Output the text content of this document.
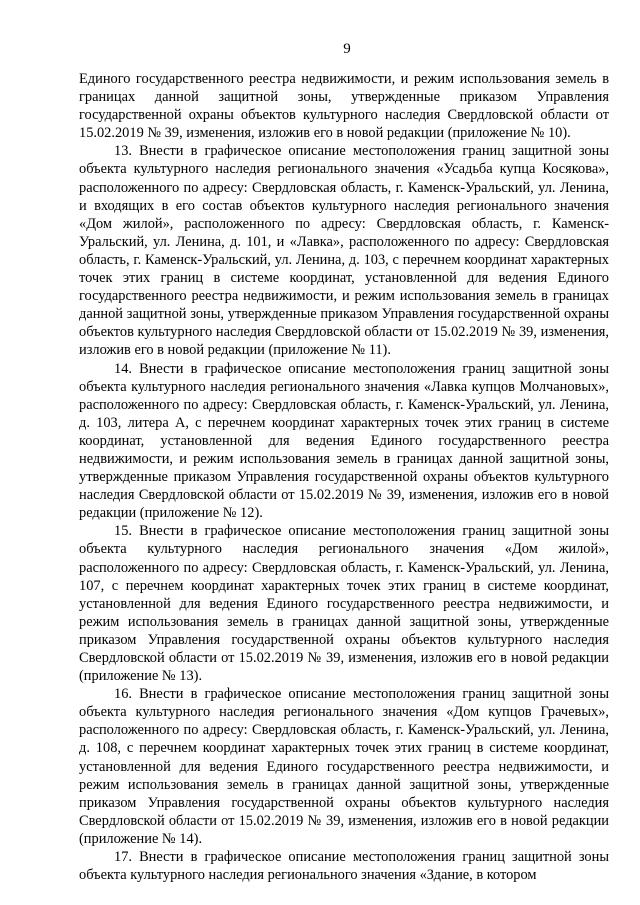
9

Единого государственного реестра недвижимости, и режим использования земель в границах данной защитной зоны, утвержденные приказом Управления государственной охраны объектов культурного наследия Свердловской области от 15.02.2019 № 39, изменения, изложив его в новой редакции (приложение № 10).

13. Внести в графическое описание местоположения границ защитной зоны объекта культурного наследия регионального значения «Усадьба купца Косякова», расположенного по адресу: Свердловская область, г. Каменск-Уральский, ул. Ленина, и входящих в его состав объектов культурного наследия регионального значения «Дом жилой», расположенного по адресу: Свердловская область, г. Каменск-Уральский, ул. Ленина, д. 101, и «Лавка», расположенного по адресу: Свердловская область, г. Каменск-Уральский, ул. Ленина, д. 103, с перечнем координат характерных точек этих границ в системе координат, установленной для ведения Единого государственного реестра недвижимости, и режим использования земель в границах данной защитной зоны, утвержденные приказом Управления государственной охраны объектов культурного наследия Свердловской области от 15.02.2019 № 39, изменения, изложив его в новой редакции (приложение № 11).

14. Внести в графическое описание местоположения границ защитной зоны объекта культурного наследия регионального значения «Лавка купцов Молчановых», расположенного по адресу: Свердловская область, г. Каменск-Уральский, ул. Ленина, д. 103, литера А, с перечнем координат характерных точек этих границ в системе координат, установленной для ведения Единого государственного реестра недвижимости, и режим использования земель в границах данной защитной зоны, утвержденные приказом Управления государственной охраны объектов культурного наследия Свердловской области от 15.02.2019 № 39, изменения, изложив его в новой редакции (приложение № 12).

15. Внести в графическое описание местоположения границ защитной зоны объекта культурного наследия регионального значения «Дом жилой», расположенного по адресу: Свердловская область, г. Каменск-Уральский, ул. Ленина, 107, с перечнем координат характерных точек этих границ в системе координат, установленной для ведения Единого государственного реестра недвижимости, и режим использования земель в границах данной защитной зоны, утвержденные приказом Управления государственной охраны объектов культурного наследия Свердловской области от 15.02.2019 № 39, изменения, изложив его в новой редакции (приложение № 13).

16. Внести в графическое описание местоположения границ защитной зоны объекта культурного наследия регионального значения «Дом купцов Грачевых», расположенного по адресу: Свердловская область, г. Каменск-Уральский, ул. Ленина, д. 108, с перечнем координат характерных точек этих границ в системе координат, установленной для ведения Единого государственного реестра недвижимости, и режим использования земель в границах данной защитной зоны, утвержденные приказом Управления государственной охраны объектов культурного наследия Свердловской области от 15.02.2019 № 39, изменения, изложив его в новой редакции (приложение № 14).

17. Внести в графическое описание местоположения границ защитной зоны объекта культурного наследия регионального значения «Здание, в котором
